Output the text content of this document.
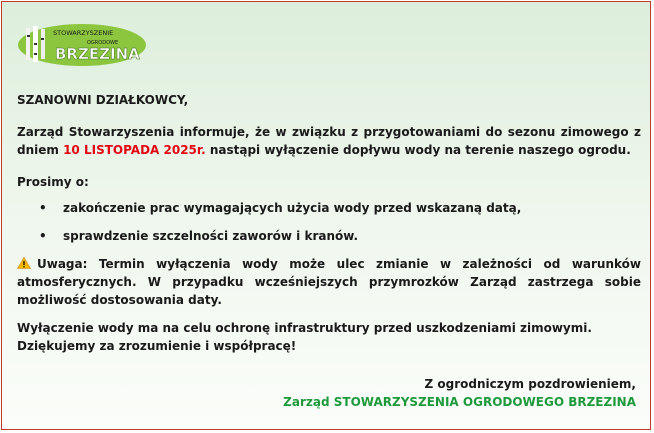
STOWARZYSZENIE
OGRODOWE
BRZEZINA

SZANOWNI DZIAŁKOWCY,

Zarząd Stowarzyszenia informuje, że w związku z przygotowaniami do sezonu zimowego z dniem 10 LISTOPADA 2025r. nastąpi wyłączenie dopływu wody na terenie naszego ogrodu.

Prosimy o:

• zakończenie prac wymagających użycia wody przed wskazaną datą,
• sprawdzenie szczelności zaworów i kranów.

Uwaga: Termin wyłączenia wody może ulec zmianie w zależności od warunków atmosferycznych. W przypadku wcześniejszych przymrozków Zarząd zastrzega sobie możliwość dostosowania daty.

Wyłączenie wody ma na celu ochronę infrastruktury przed uszkodzeniami zimowymi.

Dziękujemy za zrozumienie i współpracę!

Z ogrodniczym pozdrowieniem,
Zarząd STOWARZYSZENIA OGRODOWEGO BRZEZINA
